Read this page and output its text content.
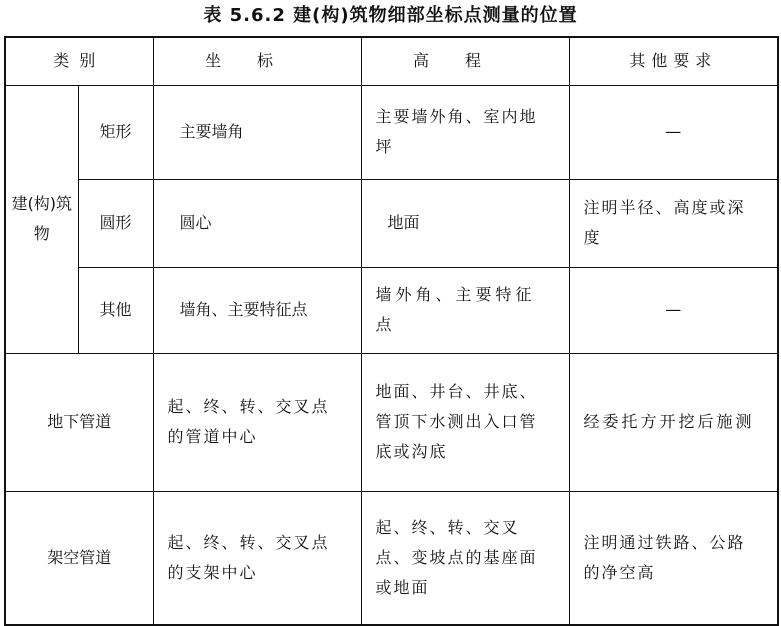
表 5.6.2 建(构)筑物细部坐标点测量的位置
类别		坐标	高程	其他要求
建(构)筑物	矩形	主要墙角	主要墙外角、室内地坪	—
	圆形	圆心	地面	注明半径、高度或深度
	其他	墙角、主要特征点	墙外角、主要特征点	—
地下管道		起、终、转、交叉点的管道中心	地面、井台、井底、管顶下水测出入口管底或沟底	经委托方开挖后施测
架空管道		起、终、转、交叉点的支架中心	起、终、转、交叉点、变坡点的基座面或地面	注明通过铁路、公路的净空高
